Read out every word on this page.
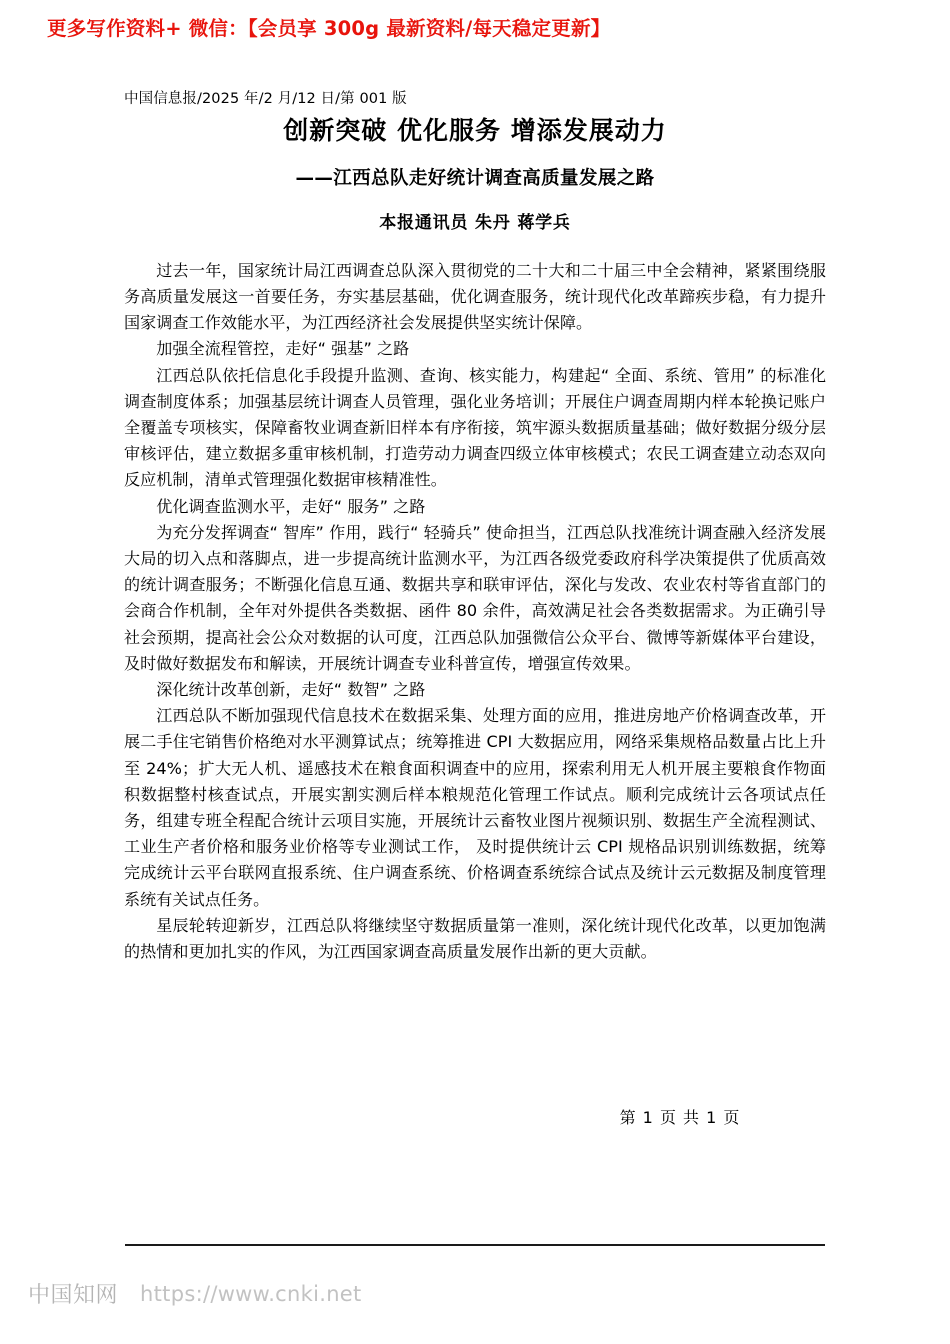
更多写作资料+ 微信：【会员享 300g 最新资料/每天稳定更新】
中国信息报/2025 年/2 月/12 日/第 001 版
创新突破 优化服务 增添发展动力
——江西总队走好统计调查高质量发展之路
本报通讯员 朱丹 蒋学兵

过去一年，国家统计局江西调查总队深入贯彻党的二十大和二十届三中全会精神，紧紧围绕服务高质量发展这一首要任务，夯实基层基础，优化调查服务，统计现代化改革蹄疾步稳，有力提升国家调查工作效能水平，为江西经济社会发展提供坚实统计保障。

加强全流程管控，走好“ 强基” 之路

江西总队依托信息化手段提升监测、查询、核实能力，构建起“ 全面、系统、管用” 的标准化调查制度体系；加强基层统计调查人员管理，强化业务培训；开展住户调查周期内样本轮换记账户全覆盖专项核实，保障畜牧业调查新旧样本有序衔接，筑牢源头数据质量基础；做好数据分级分层审核评估，建立数据多重审核机制，打造劳动力调查四级立体审核模式；农民工调查建立动态双向反应机制，清单式管理强化数据审核精准性。

优化调查监测水平，走好“ 服务” 之路

为充分发挥调查“ 智库” 作用，践行“ 轻骑兵” 使命担当，江西总队找准统计调查融入经济发展大局的切入点和落脚点，进一步提高统计监测水平，为江西各级党委政府科学决策提供了优质高效的统计调查服务；不断强化信息互通、数据共享和联审评估，深化与发改、农业农村等省直部门的会商合作机制，全年对外提供各类数据、函件 80 余件，高效满足社会各类数据需求。为正确引导社会预期，提高社会公众对数据的认可度，江西总队加强微信公众平台、微博等新媒体平台建设，及时做好数据发布和解读，开展统计调查专业科普宣传，增强宣传效果。

深化统计改革创新，走好“ 数智” 之路

江西总队不断加强现代信息技术在数据采集、处理方面的应用，推进房地产价格调查改革，开展二手住宅销售价格绝对水平测算试点；统筹推进 CPI 大数据应用，网络采集规格品数量占比上升至 24%；扩大无人机、遥感技术在粮食面积调查中的应用，探索利用无人机开展主要粮食作物面积数据整村核查试点，开展实割实测后样本粮规范化管理工作试点。顺利完成统计云各项试点任务，组建专班全程配合统计云项目实施，开展统计云畜牧业图片视频识别、数据生产全流程测试、 工业生产者价格和服务业价格等专业测试工作， 及时提供统计云 CPI 规格品识别训练数据，统筹完成统计云平台联网直报系统、住户调查系统、价格调查系统综合试点及统计云元数据及制度管理系统有关试点任务。

星辰轮转迎新岁，江西总队将继续坚守数据质量第一准则，深化统计现代化改革，以更加饱满的热情和更加扎实的作风，为江西国家调查高质量发展作出新的更大贡献。

第 1 页 共 1 页
中国知网 https://www.cnki.net
